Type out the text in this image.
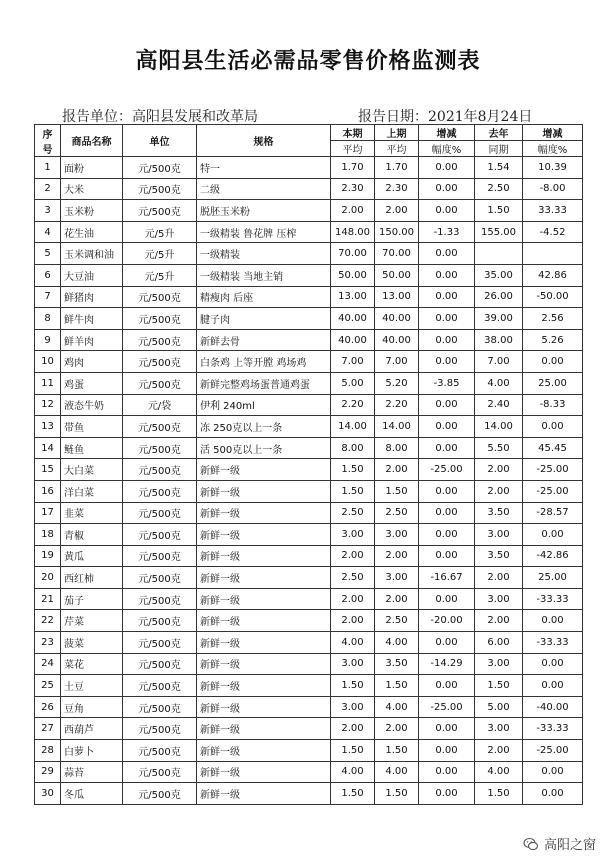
高阳县生活必需品零售价格监测表
报告单位：高阳县发展和改革局	报告日期：2021年8月24日
序
号	商品名称	单位	规格	本期	上期	增减	去年	增减
				平均	平均	幅度%	同期	幅度%
1	面粉	元/500克	特一	1.70	1.70	0.00	1.54	10.39
2	大米	元/500克	二级	2.30	2.30	0.00	2.50	-8.00
3	玉米粉	元/500克	脱胚玉米粉	2.00	2.00	0.00	1.50	33.33
4	花生油	元/5升	一级精装 鲁花牌 压榨	148.00	150.00	-1.33	155.00	-4.52
5	玉米调和油	元/5升	一级精装	70.00	70.00	0.00		
6	大豆油	元/5升	一级精装 当地主销	50.00	50.00	0.00	35.00	42.86
7	鲜猪肉	元/500克	精瘦肉 后座	13.00	13.00	0.00	26.00	-50.00
8	鲜牛肉	元/500克	腱子肉	40.00	40.00	0.00	39.00	2.56
9	鲜羊肉	元/500克	新鲜去骨	40.00	40.00	0.00	38.00	5.26
10	鸡肉	元/500克	白条鸡 上等开膛 鸡场鸡	7.00	7.00	0.00	7.00	0.00
11	鸡蛋	元/500克	新鲜完整鸡场蛋普通鸡蛋	5.00	5.20	-3.85	4.00	25.00
12	液态牛奶	元/袋	伊利 240ml	2.20	2.20	0.00	2.40	-8.33
13	带鱼	元/500克	冻 250克以上一条	14.00	14.00	0.00	14.00	0.00
14	鲢鱼	元/500克	活 500克以上一条	8.00	8.00	0.00	5.50	45.45
15	大白菜	元/500克	新鲜一级	1.50	2.00	-25.00	2.00	-25.00
16	洋白菜	元/500克	新鲜一级	1.50	1.50	0.00	2.00	-25.00
17	韭菜	元/500克	新鲜一级	2.50	2.50	0.00	3.50	-28.57
18	青椒	元/500克	新鲜一级	3.00	3.00	0.00	3.00	0.00
19	黄瓜	元/500克	新鲜一级	2.00	2.00	0.00	3.50	-42.86
20	西红柿	元/500克	新鲜一级	2.50	3.00	-16.67	2.00	25.00
21	茄子	元/500克	新鲜一级	2.00	2.00	0.00	3.00	-33.33
22	芹菜	元/500克	新鲜一级	2.00	2.50	-20.00	2.00	0.00
23	菠菜	元/500克	新鲜一级	4.00	4.00	0.00	6.00	-33.33
24	菜花	元/500克	新鲜一级	3.00	3.50	-14.29	3.00	0.00
25	土豆	元/500克	新鲜一级	1.50	1.50	0.00	1.50	0.00
26	豆角	元/500克	新鲜一级	3.00	4.00	-25.00	5.00	-40.00
27	西葫芦	元/500克	新鲜一级	2.00	2.00	0.00	3.00	-33.33
28	白萝卜	元/500克	新鲜一级	1.50	1.50	0.00	2.00	-25.00
29	蒜苔	元/500克	新鲜一级	4.00	4.00	0.00	4.00	0.00
30	冬瓜	元/500克	新鲜一级	1.50	1.50	0.00	1.50	0.00
高阳之窗
